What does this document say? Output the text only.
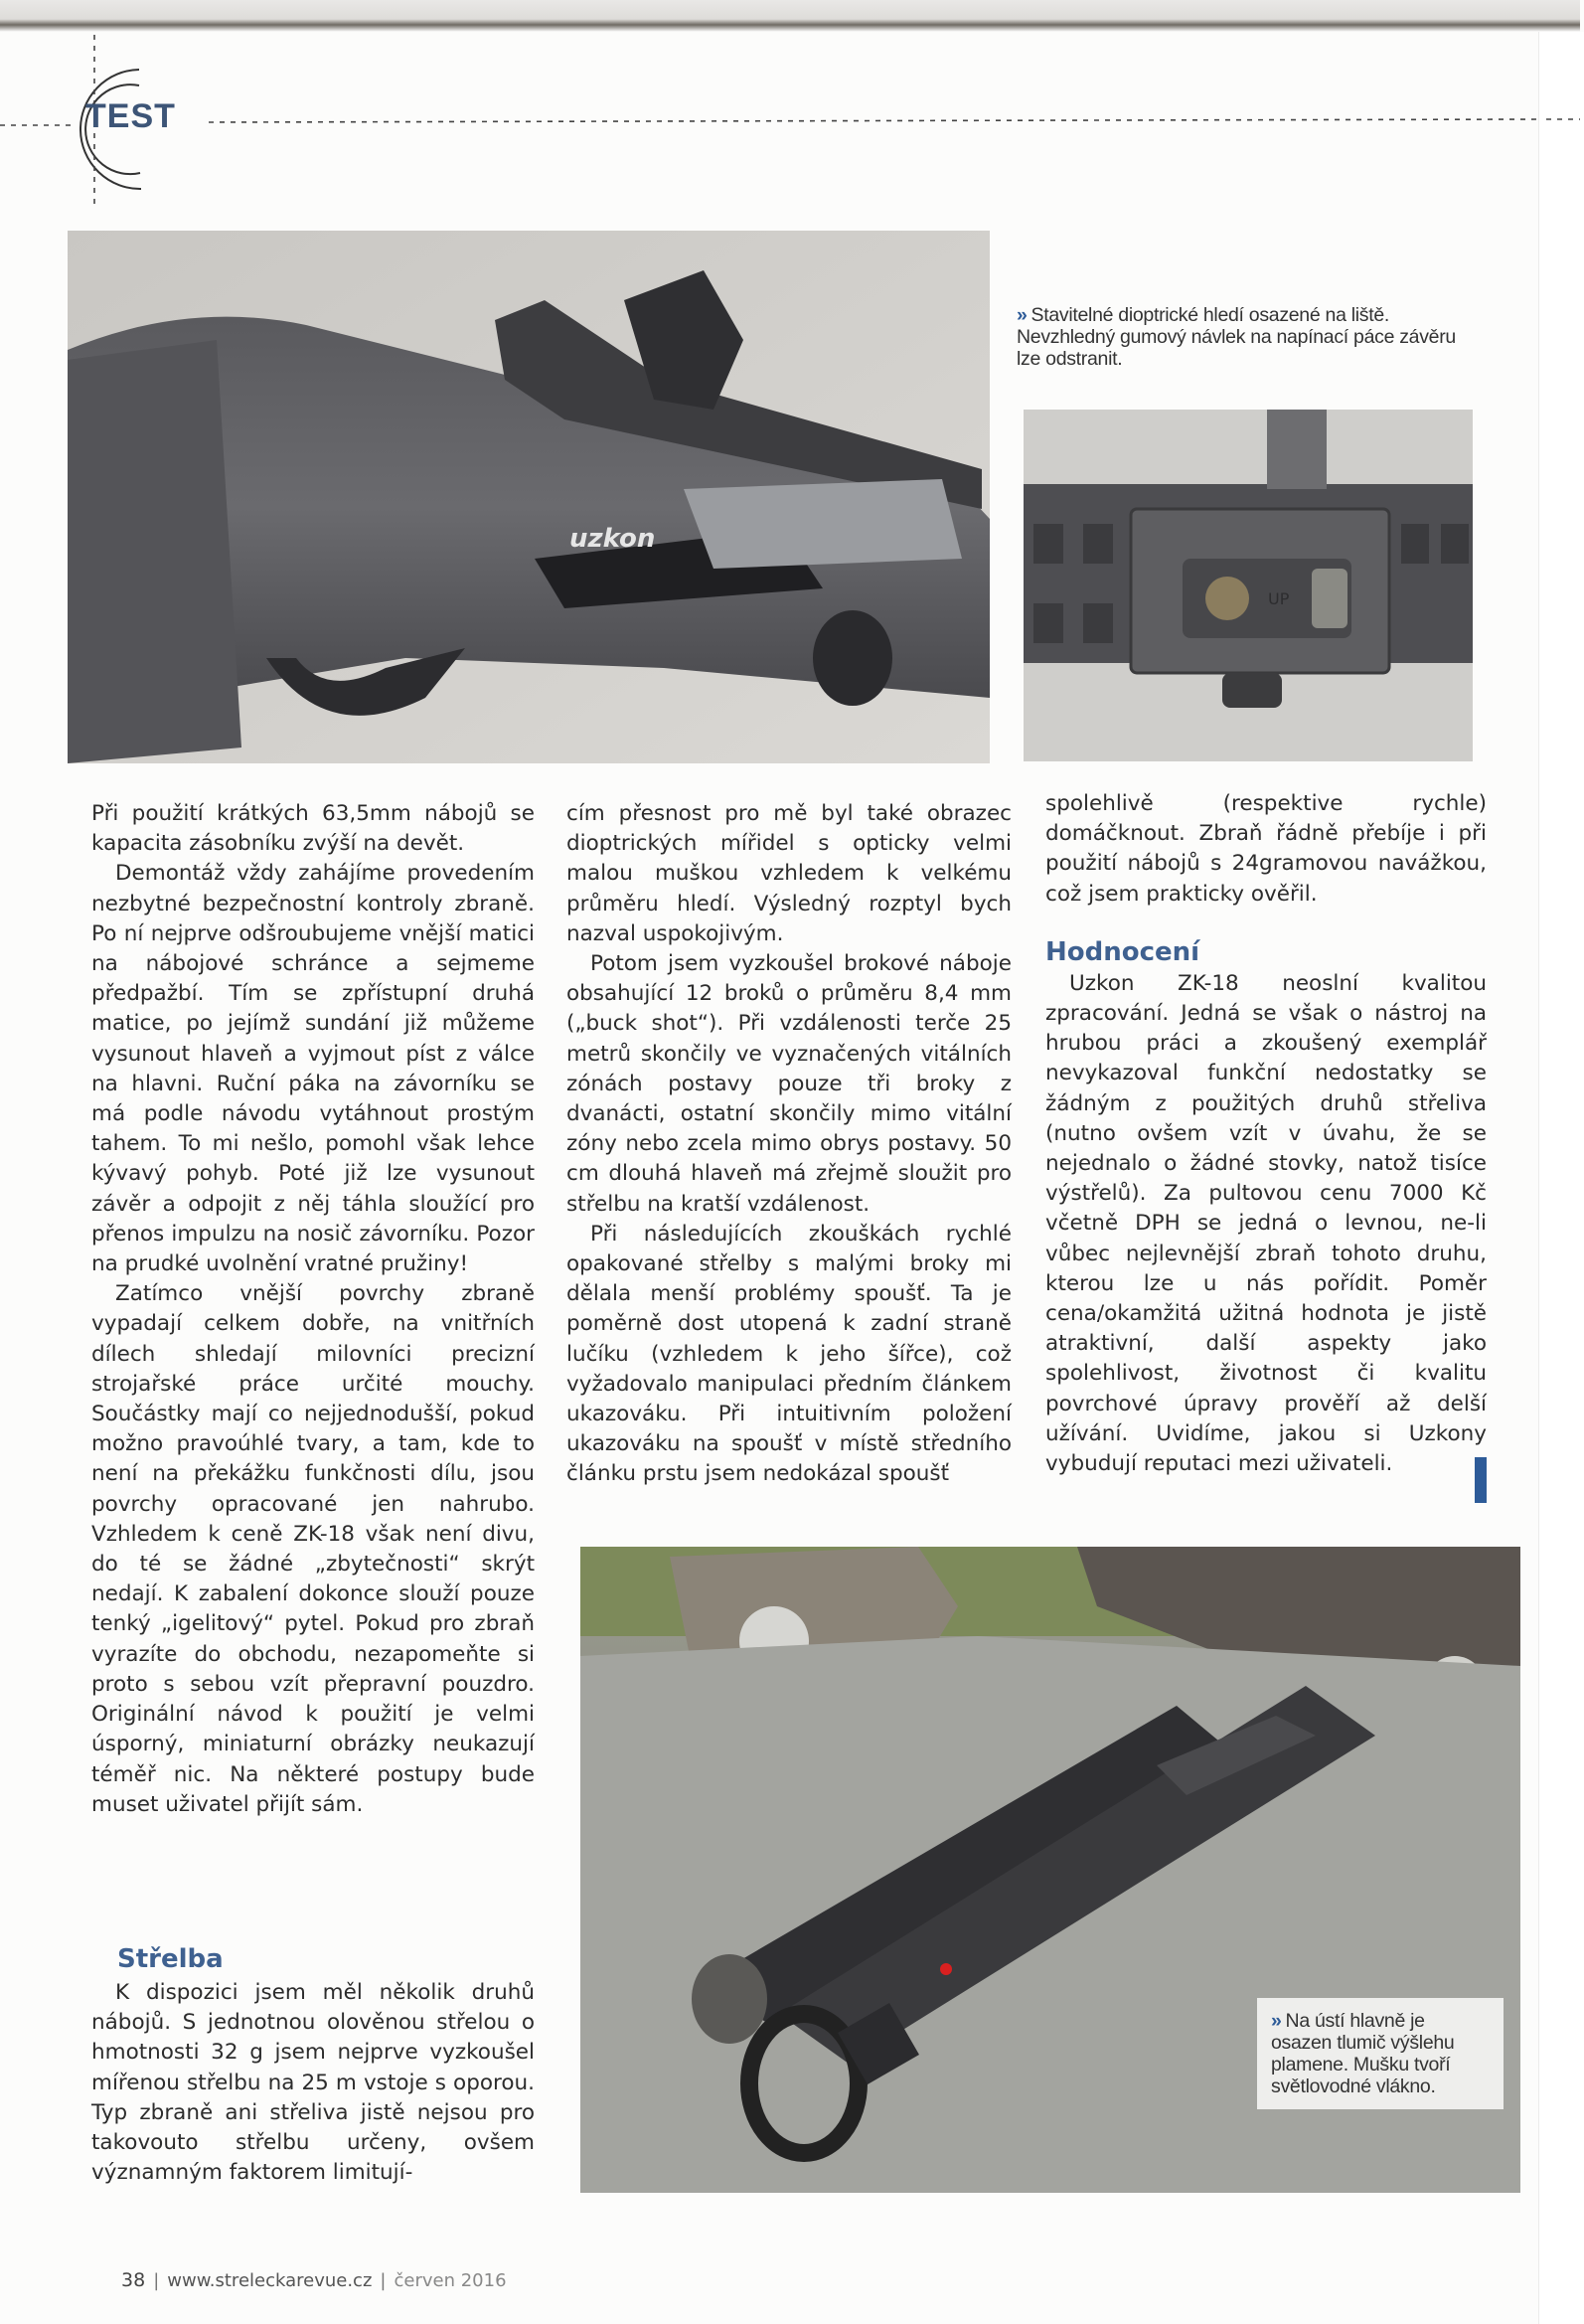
TEST
uzkon
» Stavitelné dioptrické hledí osazené na liště. Nevzhledný gumový návlek na napínací páce závěru lze odstranit.
UP

Při použití krátkých 63,5mm nábojů se kapacita zásobníku zvýší na devět.

Demontáž vždy zahájíme provedením nezbytné bezpečnostní kontroly zbraně. Po ní nejprve odšroubujeme vnější matici na nábojové schránce a sejmeme předpažbí. Tím se zpřístupní druhá matice, po jejímž sundání již můžeme vysunout hlaveň a vyjmout píst z válce na hlavni. Ruční páka na závorníku se má podle návodu vytáhnout prostým tahem. To mi nešlo, pomohl však lehce kývavý pohyb. Poté již lze vysunout závěr a odpojit z něj táhla sloužící pro přenos impulzu na nosič závorníku. Pozor na prudké uvolnění vratné pružiny!

Zatímco vnější povrchy zbraně vypadají celkem dobře, na vnitřních dílech shledají milovníci precizní strojařské práce určité mouchy. Součástky mají co nejjednodušší, pokud možno pravoúhlé tvary, a tam, kde to není na překážku funkčnosti dílu, jsou povrchy opracované jen nahrubo. Vzhledem k ceně ZK-18 však není divu, do té se žádné „zbytečnosti“ skrýt nedají. K zabalení dokonce slouží pouze tenký „igelitový“ pytel. Pokud pro zbraň vyrazíte do obchodu, nezapomeňte si proto s sebou vzít přepravní pouzdro. Originální návod k použití je velmi úsporný, miniaturní obrázky neukazují téměř nic. Na některé postupy bude muset uživatel přijít sám.

Střelba

K dispozici jsem měl několik druhů nábojů. S jednotnou olověnou střelou o hmotnosti 32 g jsem nejprve vyzkoušel mířenou střelbu na 25 m vstoje s oporou. Typ zbraně ani střeliva jistě nejsou pro takovouto střelbu určeny, ovšem významným faktorem limitují-

cím přesnost pro mě byl také obrazec dioptrických mířidel s opticky velmi malou muškou vzhledem k velkému průměru hledí. Výsledný rozptyl bych nazval uspokojivým.

Potom jsem vyzkoušel brokové náboje obsahující 12 broků o průměru 8,4 mm („buck shot“). Při vzdálenosti terče 25 metrů skončily ve vyznačených vitálních zónách postavy pouze tři broky z dvanácti, ostatní skončily mimo vitální zóny nebo zcela mimo obrys postavy. 50 cm dlouhá hlaveň má zřejmě sloužit pro střelbu na kratší vzdálenost.

Při následujících zkouškách rychlé opakované střelby s malými broky mi dělala menší problémy spoušť. Ta je poměrně dost utopená k zadní straně lučíku (vzhledem k jeho šířce), což vyžadovalo manipulaci předním článkem ukazováku. Při intuitivním položení ukazováku na spoušť v místě středního článku prstu jsem nedokázal spoušť

spolehlivě (respektive rychle) domáčknout. Zbraň řádně přebíje i při použití nábojů s 24gramovou navážkou, což jsem prakticky ověřil.

Hodnocení

Uzkon ZK-18 neoslní kvalitou zpracování. Jedná se však o nástroj na hrubou práci a zkoušený exemplář nevykazoval funkční nedostatky se žádným z použitých druhů střeliva (nutno ovšem vzít v úvahu, že se nejednalo o žádné stovky, natož tisíce výstřelů). Za pultovou cenu 7000 Kč včetně DPH se jedná o levnou, ne-li vůbec nejlevnější zbraň tohoto druhu, kterou lze u nás pořídit. Poměr cena/okamžitá užitná hodnota je jistě atraktivní, další aspekty jako spolehlivost, životnost či kvalitu povrchové úpravy prověří až delší užívání. Uvidíme, jakou si Uzkony vybudují reputaci mezi uživateli.

» Na ústí hlavně je osazen tlumič výšlehu plamene. Mušku tvoří světlovodné vlákno.
38 | www.streleckarevue.cz | červen 2016
